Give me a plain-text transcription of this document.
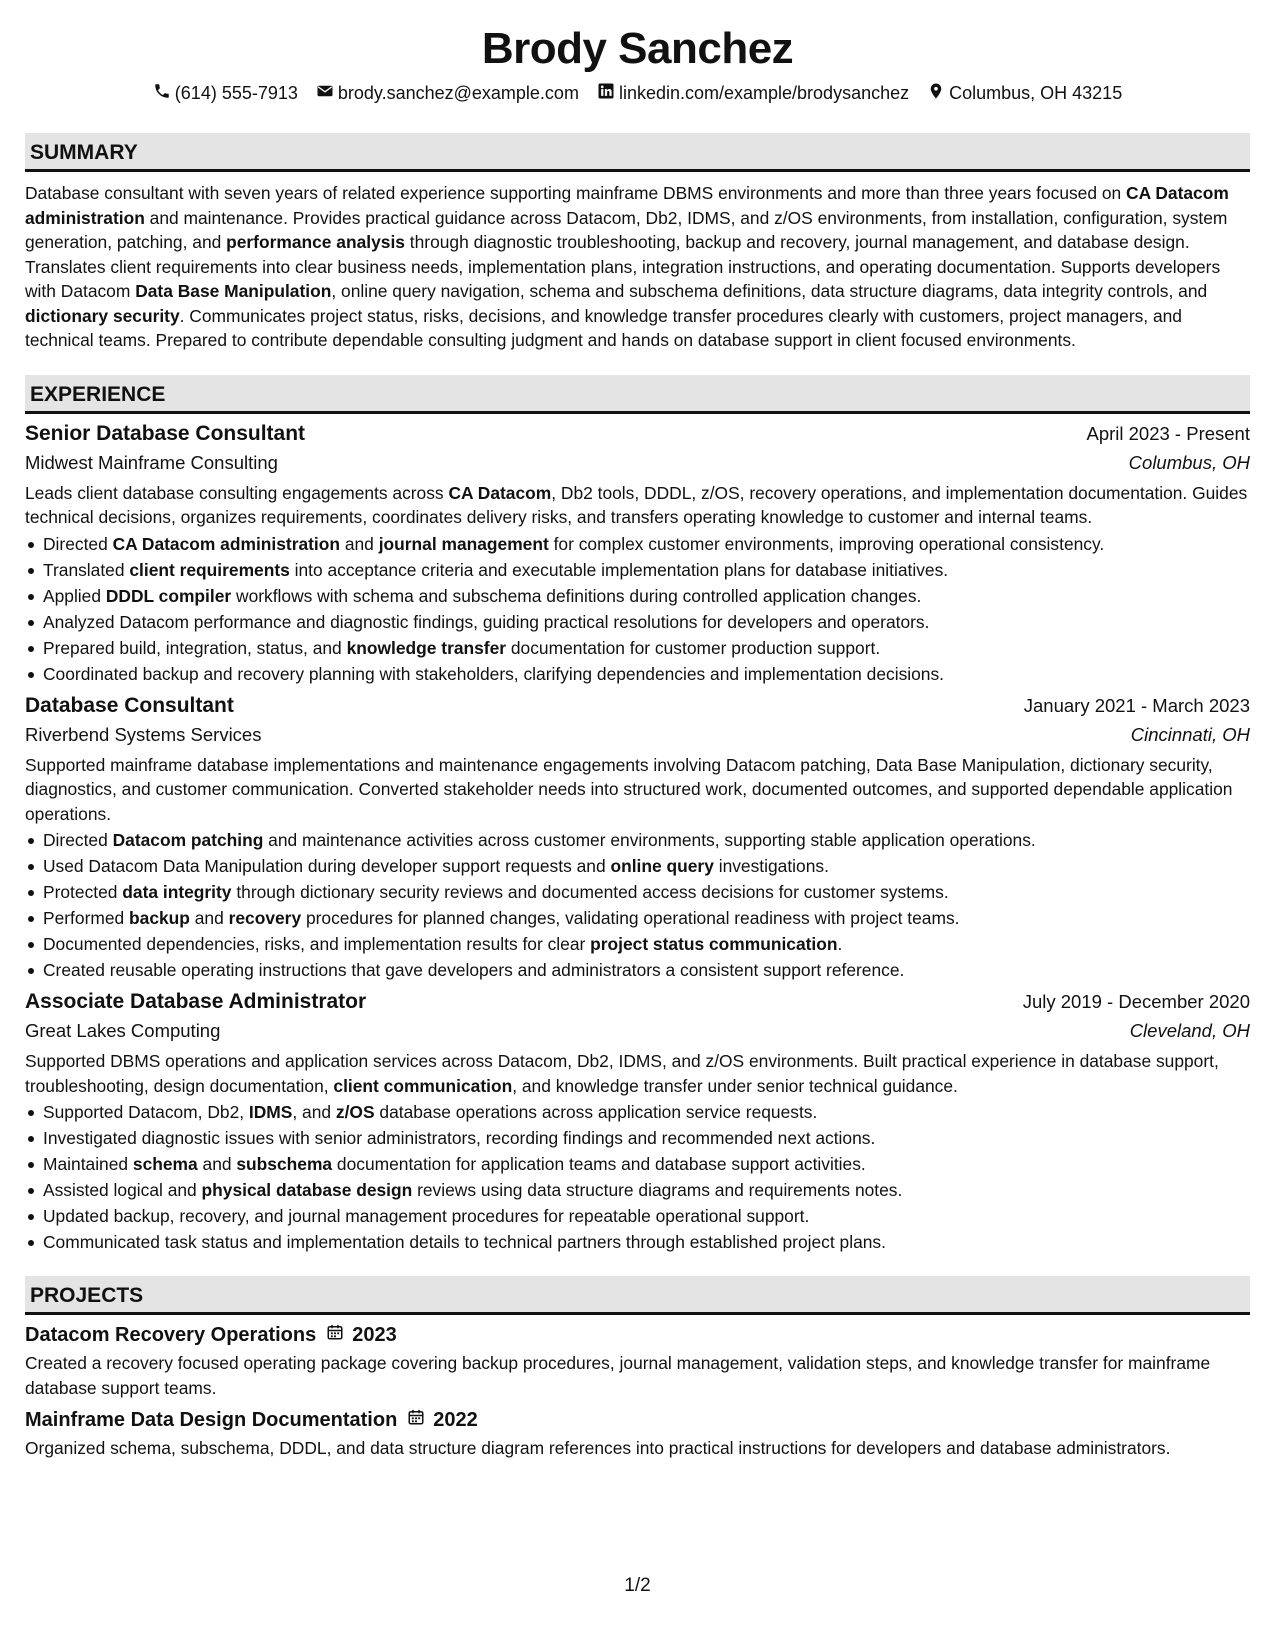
Brody Sanchez
(614) 555-7913 brody.sanchez@example.com linkedin.com/example/brodysanchez Columbus, OH 43215
SUMMARY
Database consultant with seven years of related experience supporting mainframe DBMS environments and more than three years focused on CA Datacom administration and maintenance. Provides practical guidance across Datacom, Db2, IDMS, and z/OS environments, from installation, configuration, system generation, patching, and performance analysis through diagnostic troubleshooting, backup and recovery, journal management, and database design. Translates client requirements into clear business needs, implementation plans, integration instructions, and operating documentation. Supports developers with Datacom Data Base Manipulation, online query navigation, schema and subschema definitions, data structure diagrams, data integrity controls, and dictionary security. Communicates project status, risks, decisions, and knowledge transfer procedures clearly with customers, project managers, and technical teams. Prepared to contribute dependable consulting judgment and hands on database support in client focused environments.
EXPERIENCE
Senior Database Consultant	April 2023 - Present
Midwest Mainframe Consulting	Columbus, OH
Leads client database consulting engagements across CA Datacom, Db2 tools, DDDL, z/OS, recovery operations, and implementation documentation. Guides technical decisions, organizes requirements, coordinates delivery risks, and transfers operating knowledge to customer and internal teams.
Directed CA Datacom administration and journal management for complex customer environments, improving operational consistency.
Translated client requirements into acceptance criteria and executable implementation plans for database initiatives.
Applied DDDL compiler workflows with schema and subschema definitions during controlled application changes.
Analyzed Datacom performance and diagnostic findings, guiding practical resolutions for developers and operators.
Prepared build, integration, status, and knowledge transfer documentation for customer production support.
Coordinated backup and recovery planning with stakeholders, clarifying dependencies and implementation decisions.
Database Consultant	January 2021 - March 2023
Riverbend Systems Services	Cincinnati, OH
Supported mainframe database implementations and maintenance engagements involving Datacom patching, Data Base Manipulation, dictionary security, diagnostics, and customer communication. Converted stakeholder needs into structured work, documented outcomes, and supported dependable application operations.
Directed Datacom patching and maintenance activities across customer environments, supporting stable application operations.
Used Datacom Data Manipulation during developer support requests and online query investigations.
Protected data integrity through dictionary security reviews and documented access decisions for customer systems.
Performed backup and recovery procedures for planned changes, validating operational readiness with project teams.
Documented dependencies, risks, and implementation results for clear project status communication.
Created reusable operating instructions that gave developers and administrators a consistent support reference.
Associate Database Administrator	July 2019 - December 2020
Great Lakes Computing	Cleveland, OH
Supported DBMS operations and application services across Datacom, Db2, IDMS, and z/OS environments. Built practical experience in database support, troubleshooting, design documentation, client communication, and knowledge transfer under senior technical guidance.
Supported Datacom, Db2, IDMS, and z/OS database operations across application service requests.
Investigated diagnostic issues with senior administrators, recording findings and recommended next actions.
Maintained schema and subschema documentation for application teams and database support activities.
Assisted logical and physical database design reviews using data structure diagrams and requirements notes.
Updated backup, recovery, and journal management procedures for repeatable operational support.
Communicated task status and implementation details to technical partners through established project plans.
PROJECTS
Datacom Recovery Operations 2023
Created a recovery focused operating package covering backup procedures, journal management, validation steps, and knowledge transfer for mainframe database support teams.
Mainframe Data Design Documentation 2022
Organized schema, subschema, DDDL, and data structure diagram references into practical instructions for developers and database administrators.
1/2
